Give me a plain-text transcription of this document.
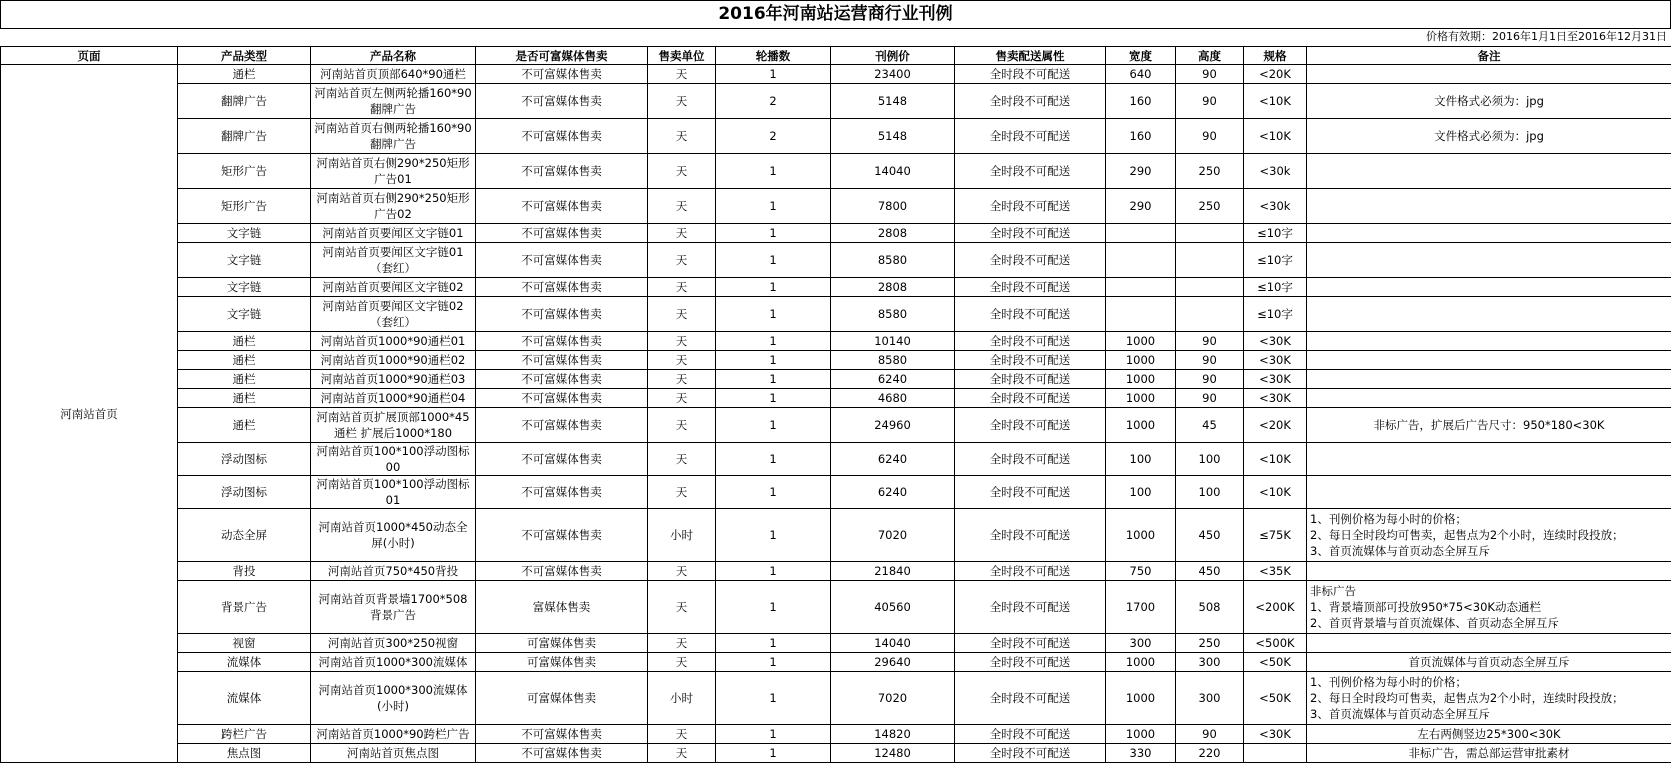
2016年河南站运营商行业刊例
价格有效期：2016年1月1日至2016年12月31日
页面	产品类型	产品名称	是否可富媒体售卖	售卖单位	轮播数	刊例价	售卖配送属性	宽度	高度	规格	备注
河南站首页	通栏	河南站首页顶部640*90通栏	不可富媒体售卖	天	1	23400	全时段不可配送	640	90	<20K	
	翻牌广告	河南站首页左侧两轮播160*90翻牌广告	不可富媒体售卖	天	2	5148	全时段不可配送	160	90	<10K	文件格式必须为：jpg
	翻牌广告	河南站首页右侧两轮播160*90翻牌广告	不可富媒体售卖	天	2	5148	全时段不可配送	160	90	<10K	文件格式必须为：jpg
	矩形广告	河南站首页右侧290*250矩形广告01	不可富媒体售卖	天	1	14040	全时段不可配送	290	250	<30k	
	矩形广告	河南站首页右侧290*250矩形广告02	不可富媒体售卖	天	1	7800	全时段不可配送	290	250	<30k	
	文字链	河南站首页要闻区文字链01	不可富媒体售卖	天	1	2808	全时段不可配送			≤10字	
	文字链	河南站首页要闻区文字链01（套红）	不可富媒体售卖	天	1	8580	全时段不可配送			≤10字	
	文字链	河南站首页要闻区文字链02	不可富媒体售卖	天	1	2808	全时段不可配送			≤10字	
	文字链	河南站首页要闻区文字链02（套红）	不可富媒体售卖	天	1	8580	全时段不可配送			≤10字	
	通栏	河南站首页1000*90通栏01	不可富媒体售卖	天	1	10140	全时段不可配送	1000	90	<30K	
	通栏	河南站首页1000*90通栏02	不可富媒体售卖	天	1	8580	全时段不可配送	1000	90	<30K	
	通栏	河南站首页1000*90通栏03	不可富媒体售卖	天	1	6240	全时段不可配送	1000	90	<30K	
	通栏	河南站首页1000*90通栏04	不可富媒体售卖	天	1	4680	全时段不可配送	1000	90	<30K	
	通栏	河南站首页扩展顶部1000*45通栏 扩展后1000*180	不可富媒体售卖	天	1	24960	全时段不可配送	1000	45	<20K	非标广告，扩展后广告尺寸：950*180<30K
	浮动图标	河南站首页100*100浮动图标00	不可富媒体售卖	天	1	6240	全时段不可配送	100	100	<10K	
	浮动图标	河南站首页100*100浮动图标01	不可富媒体售卖	天	1	6240	全时段不可配送	100	100	<10K	
	动态全屏	河南站首页1000*450动态全屏(小时)	不可富媒体售卖	小时	1	7020	全时段不可配送	1000	450	≤75K	1、刊例价格为每小时的价格；
2、每日全时段均可售卖，起售点为2个小时，连续时段投放；
3、首页流媒体与首页动态全屏互斥

	背投	河南站首页750*450背投	不可富媒体售卖	天	1	21840	全时段不可配送	750	450	<35K	
	背景广告	河南站首页背景墙1700*508背景广告	富媒体售卖	天	1	40560	全时段不可配送	1700	508	<200K	非标广告
1、背景墙顶部可投放950*75<30K动态通栏
2、首页背景墙与首页流媒体、首页动态全屏互斥

	视窗	河南站首页300*250视窗	可富媒体售卖	天	1	14040	全时段不可配送	300	250	<500K	
	流媒体	河南站首页1000*300流媒体	可富媒体售卖	天	1	29640	全时段不可配送	1000	300	<50K	首页流媒体与首页动态全屏互斥
	流媒体	河南站首页1000*300流媒体(小时)	可富媒体售卖	小时	1	7020	全时段不可配送	1000	300	<50K	1、刊例价格为每小时的价格；
2、每日全时段均可售卖，起售点为2个小时，连续时段投放；
3、首页流媒体与首页动态全屏互斥

	跨栏广告	河南站首页1000*90跨栏广告	不可富媒体售卖	天	1	14820	全时段不可配送	1000	90	<30K	左右两侧竖边25*300<30K
	焦点图	河南站首页焦点图	不可富媒体售卖	天	1	12480	全时段不可配送	330	220		非标广告，需总部运营审批素材
